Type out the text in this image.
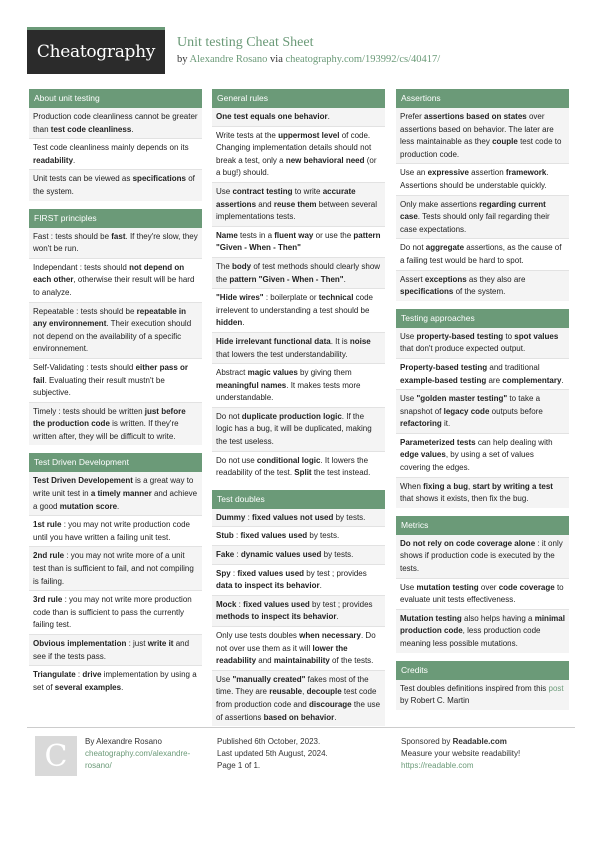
Cheatography Unit testing Cheat Sheet
by Alexandre Rosano via cheatography.com/193992/cs/40417/
About unit testing
Production code cleanliness cannot be greater than test code cleanliness.
Test code cleanliness mainly depends on its readability.
Unit tests can be viewed as specifications of the system.
FIRST principles
Fast : tests should be fast. If they're slow, they won't be run.
Independant : tests should not depend on each other, otherwise their result will be hard to analyze.
Repeatable : tests should be repeatable in any environnement. Their execution should not depend on the availability of a specific environnement.
Self-Validating : tests should either pass or fail. Evaluating their result mustn't be subjective.
Timely : tests should be written just before the production code is written. If they're written after, they will be difficult to write.
Test Driven Development
Test Driven Developement is a great way to write unit test in a timely manner and achieve a good mutation score.
1st rule : you may not write production code until you have written a failing unit test.
2nd rule : you may not write more of a unit test than is sufficient to fail, and not compiling is failing.
3rd rule : you may not write more production code than is sufficient to pass the currently failing test.
Obvious implementation : just write it and see if the tests pass.
Triangulate : drive implementation by using a set of several examples.
General rules
One test equals one behavior.
Write tests at the uppermost level of code. Changing implementation details should not break a test, only a new behavioral need (or a bug!) should.
Use contract testing to write accurate assertions and reuse them between several implementations tests.
Name tests in a fluent way or use the pattern "Given - When - Then"
The body of test methods should clearly show the pattern "Given - When - Then".
"Hide wires" : boilerplate or technical code irrelevent to understanding a test should be hidden.
Hide irrelevant functional data. It is noise that lowers the test understandability.
Abstract magic values by giving them meaningful names. It makes tests more understandable.
Do not duplicate production logic. If the logic has a bug, it will be duplicated, making the test useless.
Do not use conditional logic. It lowers the readability of the test. Split the test instead.
Test doubles
Dummy : fixed values not used by tests.
Stub : fixed values used by tests.
Fake : dynamic values used by tests.
Spy : fixed values used by test ; provides data to inspect its behavior.
Mock : fixed values used by test ; provides methods to inspect its behavior.
Only use tests doubles when necessary. Do not over use them as it will lower the readability and maintainability of the tests.
Use "manually created" fakes most of the time. They are reusable, decouple test code from production code and discourage the use of assertions based on behavior.
Assertions
Prefer assertions based on states over assertions based on behavior. The later are less maintainable as they couple test code to production code.
Use an expressive assertion framework. Assertions should be understable quickly.
Only make assertions regarding current case. Tests should only fail regarding their case expectations.
Do not aggregate assertions, as the cause of a failing test would be hard to spot.
Assert exceptions as they also are specifications of the system.
Testing approaches
Use property-based testing to spot values that don't produce expected output.
Property-based testing and traditional example-based testing are complementary.
Use "golden master testing" to take a snapshot of legacy code outputs before refactoring it.
Parameterized tests can help dealing with edge values, by using a set of values covering the edges.
When fixing a bug, start by writing a test that shows it exists, then fix the bug.
Metrics
Do not rely on code coverage alone : it only shows if production code is executed by the tests.
Use mutation testing over code coverage to evaluate unit tests effectiveness.
Mutation testing also helps having a minimal production code, less production code meaning less possible mutations.
Credits
Test doubles definitions inspired from this post by Robert C. Martin
C By Alexandre Rosano
cheatography.com/alexandre-
rosano/
Published 6th October, 2023.
Last updated 5th August, 2024.
Page 1 of 1.
Sponsored by Readable.com
Measure your website readability!
https://readable.com
